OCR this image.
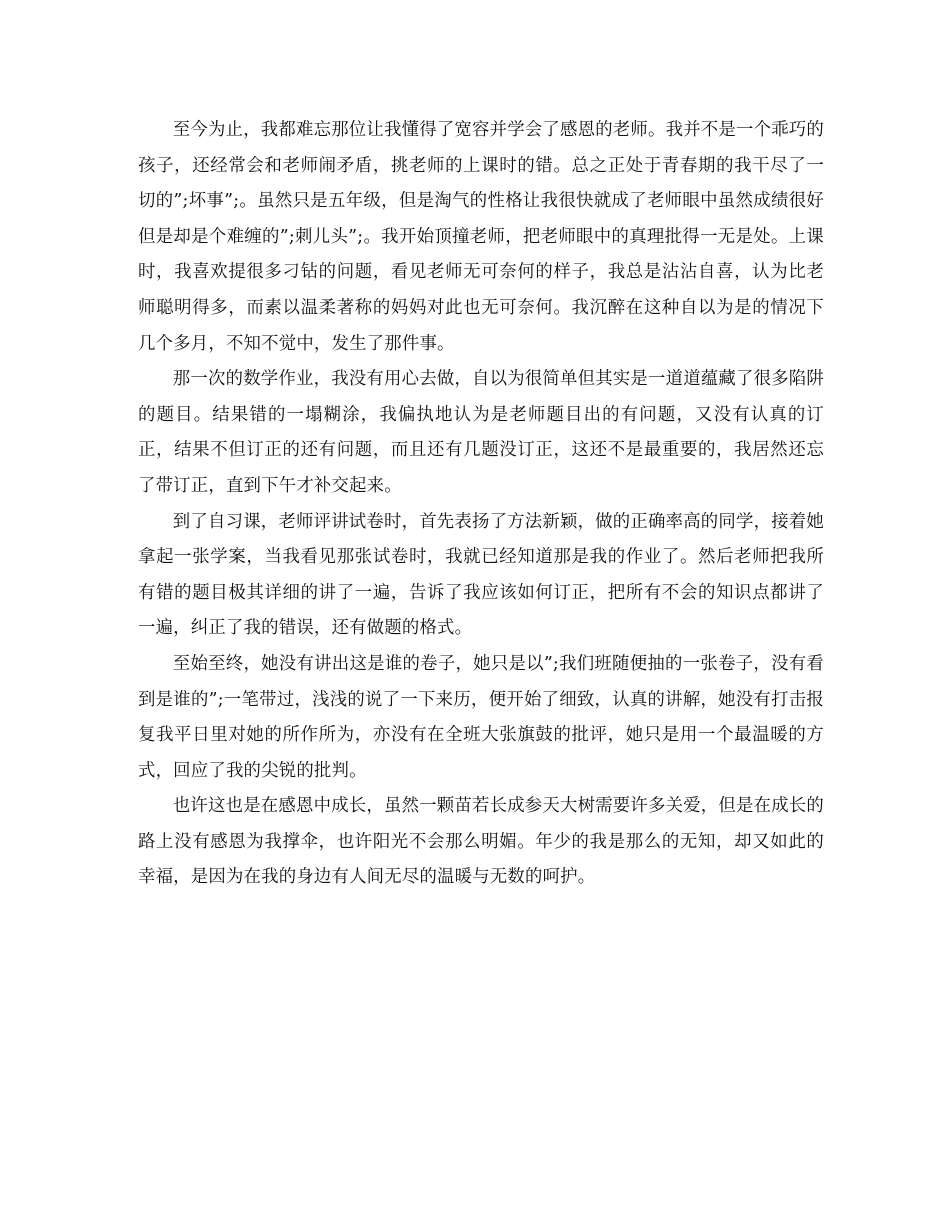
至今为止，我都难忘那位让我懂得了宽容并学会了感恩的老师。我并不是一个乖巧的孩子，还经常会和老师闹矛盾，挑老师的上课时的错。总之正处于青春期的我干尽了一切的”;坏事”;。虽然只是五年级，但是淘气的性格让我很快就成了老师眼中虽然成绩很好但是却是个难缠的”;刺儿头”;。我开始顶撞老师，把老师眼中的真理批得一无是处。上课时，我喜欢提很多刁钻的问题，看见老师无可奈何的样子，我总是沾沾自喜，认为比老师聪明得多，而素以温柔著称的妈妈对此也无可奈何。我沉醉在这种自以为是的情况下几个多月，不知不觉中，发生了那件事。

那一次的数学作业，我没有用心去做，自以为很简单但其实是一道道蕴藏了很多陷阱的题目。结果错的一塌糊涂，我偏执地认为是老师题目出的有问题，又没有认真的订正，结果不但订正的还有问题，而且还有几题没订正，这还不是最重要的，我居然还忘了带订正，直到下午才补交起来。

到了自习课，老师评讲试卷时，首先表扬了方法新颖，做的正确率高的同学，接着她拿起一张学案，当我看见那张试卷时，我就已经知道那是我的作业了。然后老师把我所有错的题目极其详细的讲了一遍，告诉了我应该如何订正，把所有不会的知识点都讲了一遍，纠正了我的错误，还有做题的格式。

至始至终，她没有讲出这是谁的卷子，她只是以”;我们班随便抽的一张卷子，没有看到是谁的”;一笔带过，浅浅的说了一下来历，便开始了细致，认真的讲解，她没有打击报复我平日里对她的所作所为，亦没有在全班大张旗鼓的批评，她只是用一个最温暖的方式，回应了我的尖锐的批判。

也许这也是在感恩中成长，虽然一颗苗若长成参天大树需要许多关爱，但是在成长的路上没有感恩为我撑伞，也许阳光不会那么明媚。年少的我是那么的无知，却又如此的幸福，是因为在我的身边有人间无尽的温暖与无数的呵护。
